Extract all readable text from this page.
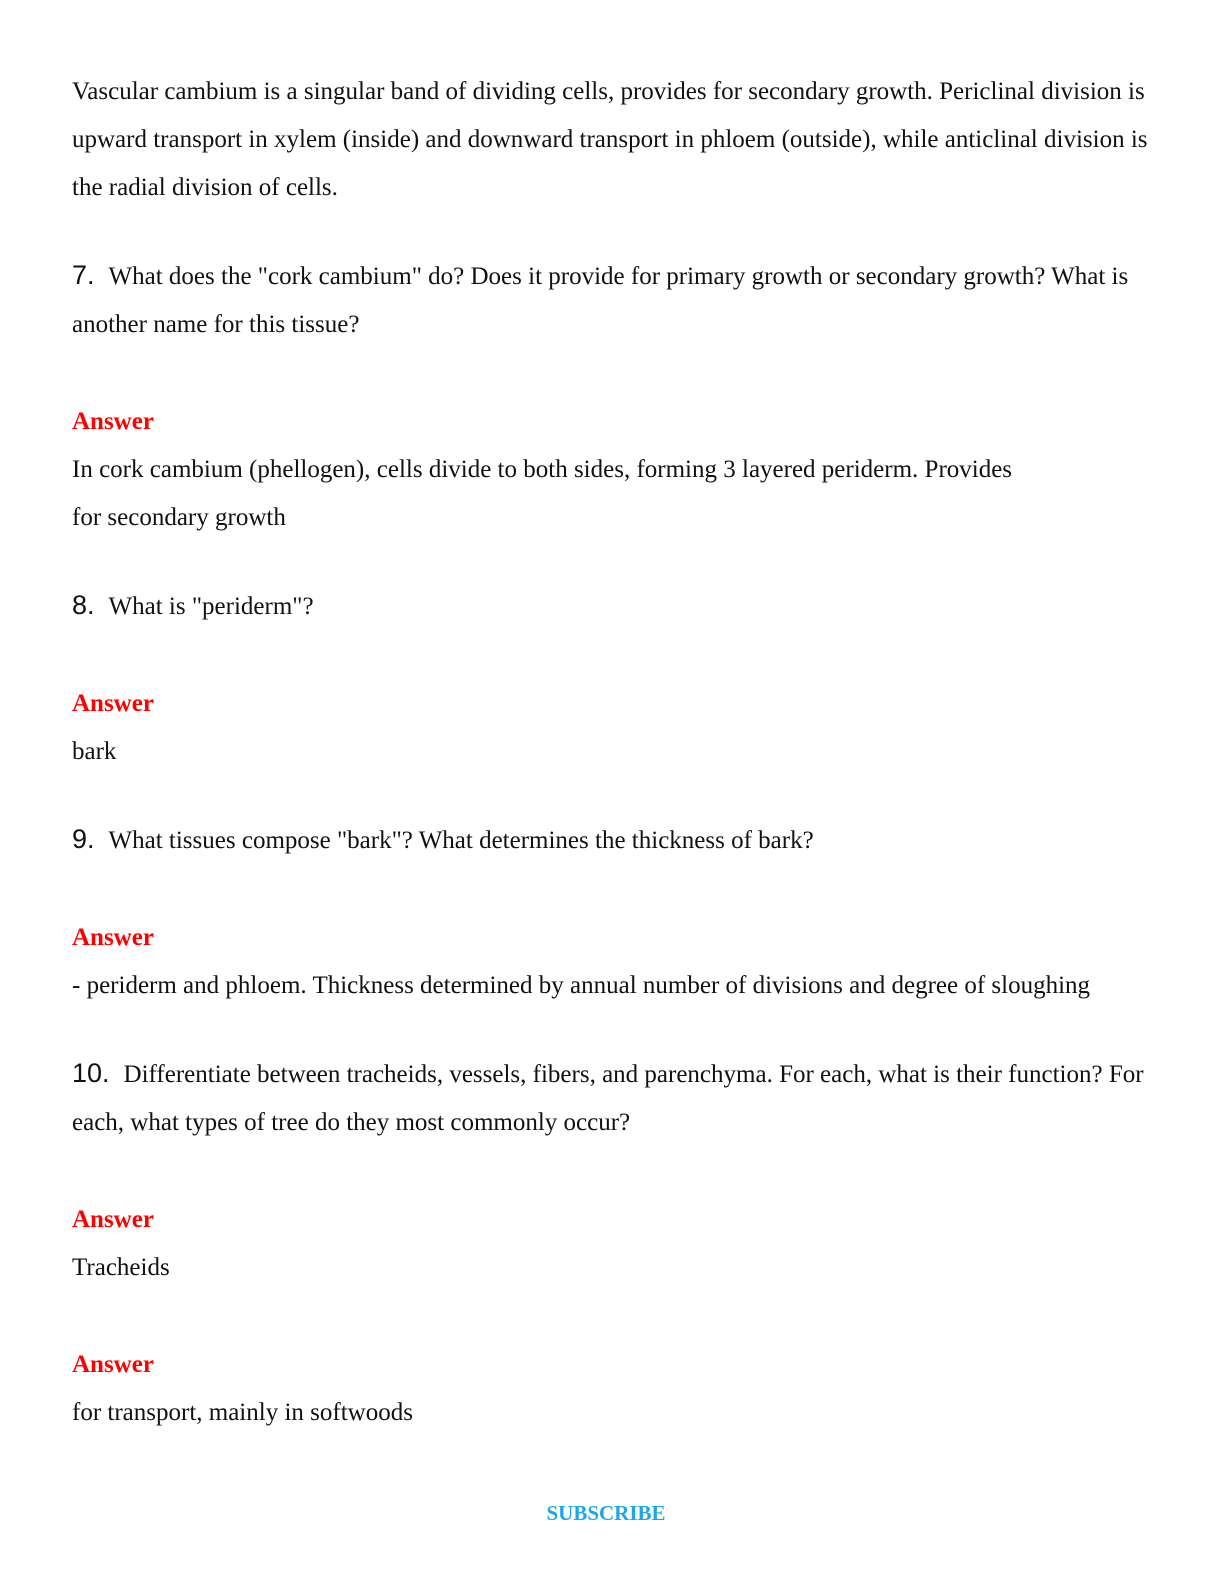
Vascular cambium is a singular band of dividing cells, provides for secondary growth. Periclinal division is upward transport in xylem (inside) and downward transport in phloem (outside), while anticlinal division is the radial division of cells.

7. What does the "cork cambium" do? Does it provide for primary growth or secondary growth? What is another name for this tissue?

Answer

In cork cambium (phellogen), cells divide to both sides, forming 3 layered periderm. Provides for secondary growth

8. What is "periderm"?

Answer

bark

9. What tissues compose "bark"? What determines the thickness of bark?

Answer

- periderm and phloem. Thickness determined by annual number of divisions and degree of sloughing

10. Differentiate between tracheids, vessels, fibers, and parenchyma. For each, what is their function? For each, what types of tree do they most commonly occur?

Answer

Tracheids

Answer

for transport, mainly in softwoods

SUBSCRIBE
